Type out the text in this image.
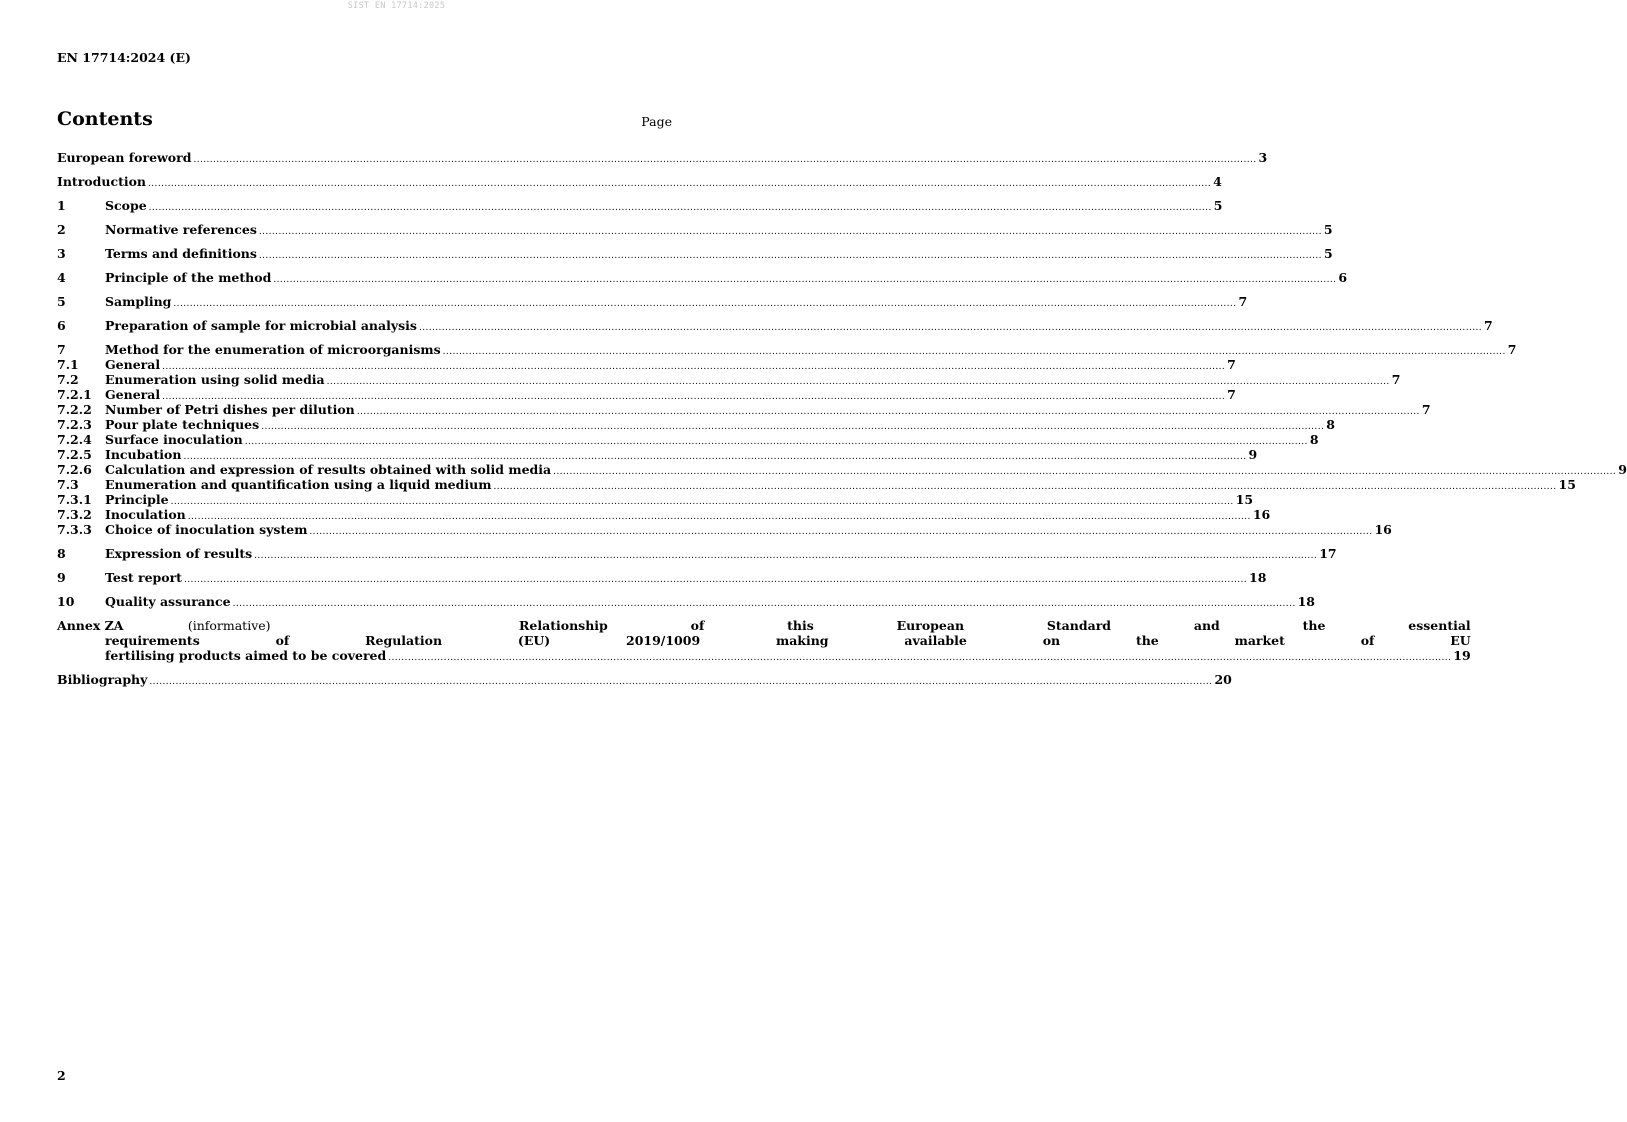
SIST EN 17714:2025
EN 17714:2024 (E)
Contents	Page
European foreword .....	3
Introduction .....	4
1	Scope .....	5
2	Normative references .....	5
3	Terms and definitions .....	5
4	Principle of the method .....	6
5	Sampling .....	7
6	Preparation of sample for microbial analysis .....	7
7	Method for the enumeration of microorganisms .....	7
7.1	General .....	7
7.2	Enumeration using solid media .....	7
7.2.1	General .....	7
7.2.2	Number of Petri dishes per dilution .....	7
7.2.3	Pour plate techniques .....	8
7.2.4	Surface inoculation .....	8
7.2.5	Incubation .....	9
7.2.6	Calculation and expression of results obtained with solid media .....	9
7.3	Enumeration and quantification using a liquid medium .....	15
7.3.1	Principle .....	15
7.3.2	Inoculation .....	16
7.3.3	Choice of inoculation system .....	16
8	Expression of results .....	17
9	Test report .....	18
10	Quality assurance .....	18
Annex ZA	(informative)	Relationship of this European Standard and the essential
requirements of Regulation (EU) 2019/1009 making available on the market of EU
fertilising products aimed to be covered .....	19
Bibliography .....	20
2
